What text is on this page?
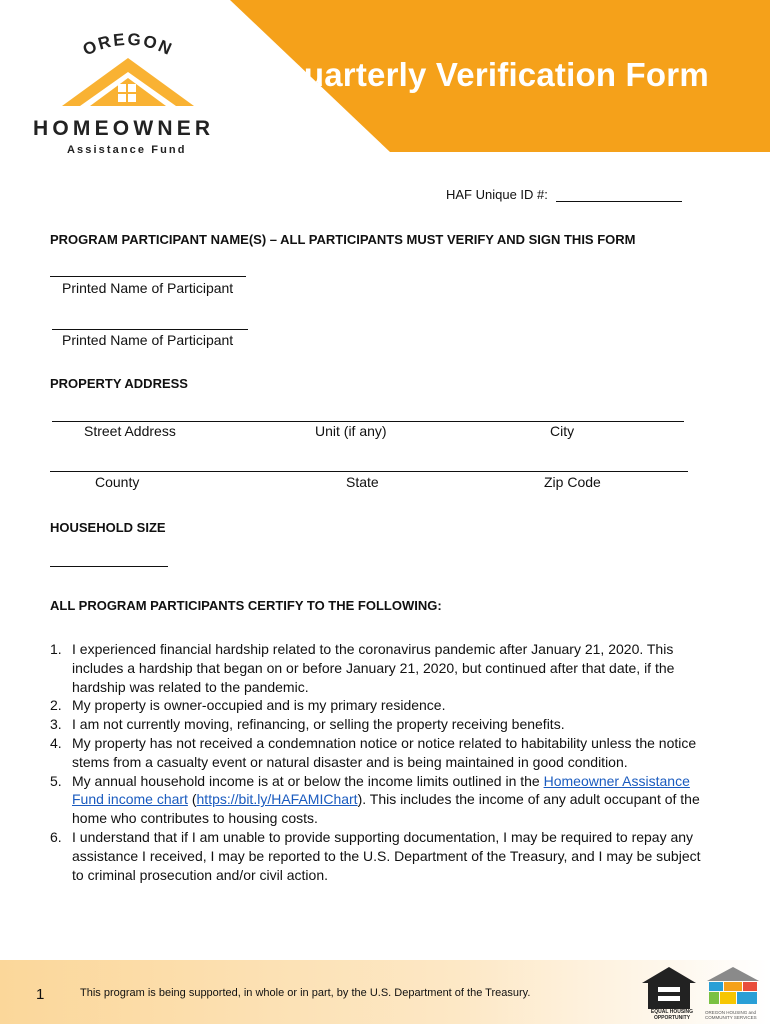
Quarterly Verification Form
OREGON
HOMEOWNER
Assistance Fund
HAF Unique ID #:
PROGRAM PARTICIPANT NAME(S) – ALL PARTICIPANTS MUST VERIFY AND SIGN THIS FORM
Printed Name of Participant
Printed Name of Participant
PROPERTY ADDRESS
Street Address	Unit (if any)	City
County	State	Zip Code
HOUSEHOLD SIZE
ALL PROGRAM PARTICIPANTS CERTIFY TO THE FOLLOWING:
1. I experienced financial hardship related to the coronavirus pandemic after January 21, 2020. This includes a hardship that began on or before January 21, 2020, but continued after that date, if the hardship was related to the pandemic.
2. My property is owner-occupied and is my primary residence.
3. I am not currently moving, refinancing, or selling the property receiving benefits.
4. My property has not received a condemnation notice or notice related to habitability unless the notice stems from a casualty event or natural disaster and is being maintained in good condition.
5. My annual household income is at or below the income limits outlined in the Homeowner Assistance Fund income chart (https://bit.ly/HAFAMIChart). This includes the income of any adult occupant of the home who contributes to housing costs.
6. I understand that if I am unable to provide supporting documentation, I may be required to repay any assistance I received, I may be reported to the U.S. Department of the Treasury, and I may be subject to criminal prosecution and/or civil action.
1	This program is being supported, in whole or in part, by the U.S. Department of the Treasury.
EQUAL HOUSING OPPORTUNITY
OREGON HOUSING and COMMUNITY SERVICES
